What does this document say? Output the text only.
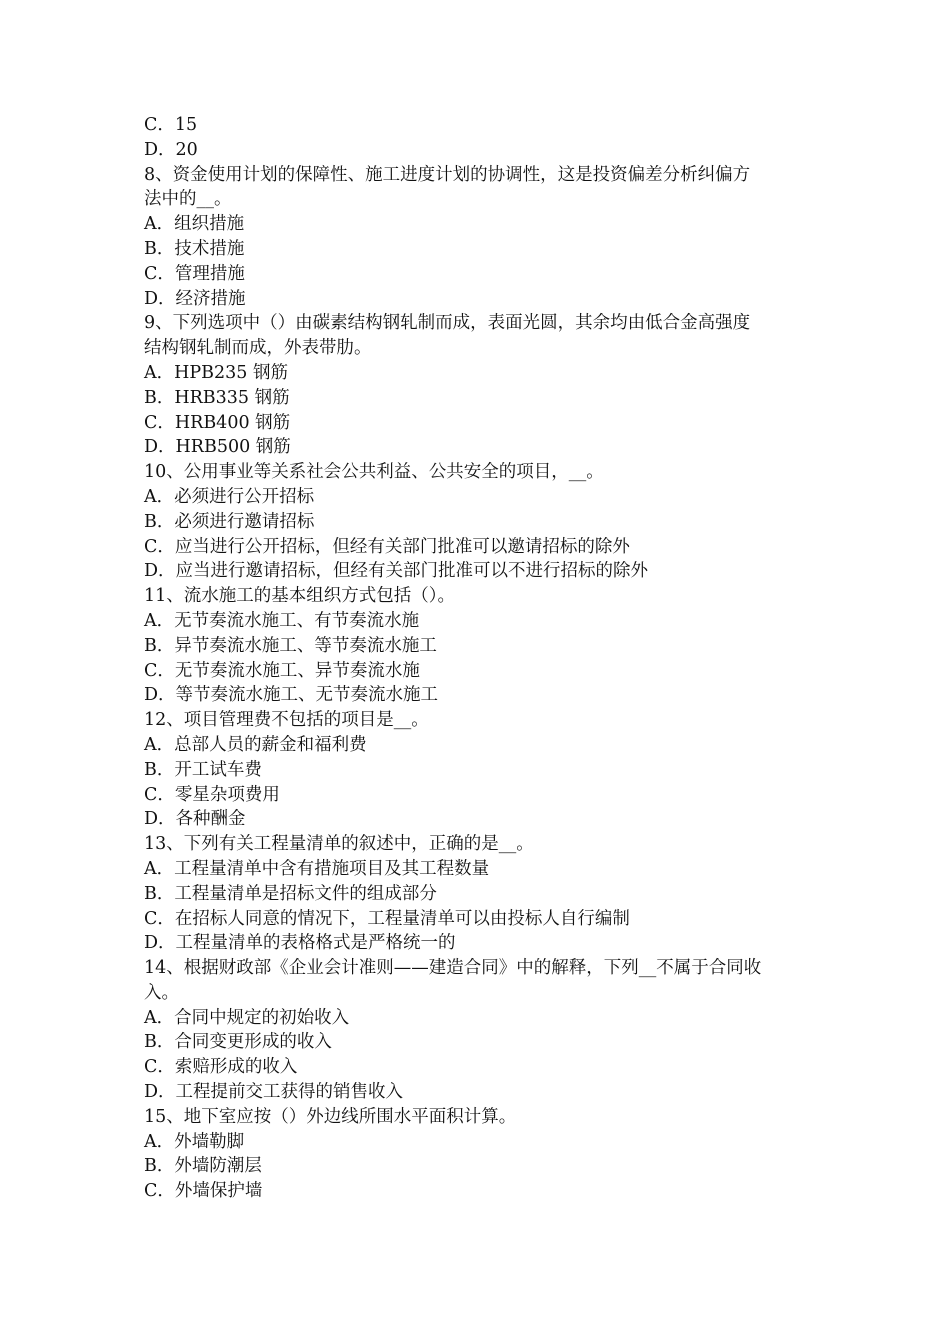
C．15

D．20

8、资金使用计划的保障性、施工进度计划的协调性，这是投资偏差分析纠偏方

法中的__。

A．组织措施

B．技术措施

C．管理措施

D．经济措施

9、下列选项中（）由碳素结构钢轧制而成，表面光圆，其余均由低合金高强度

结构钢轧制而成，外表带肋。

A．HPB235 钢筋

B．HRB335 钢筋

C．HRB400 钢筋

D．HRB500 钢筋

10、公用事业等关系社会公共利益、公共安全的项目，__。

A．必须进行公开招标

B．必须进行邀请招标

C．应当进行公开招标，但经有关部门批准可以邀请招标的除外

D．应当进行邀请招标，但经有关部门批准可以不进行招标的除外

11、流水施工的基本组织方式包括（）。

A．无节奏流水施工、有节奏流水施

B．异节奏流水施工、等节奏流水施工

C．无节奏流水施工、异节奏流水施

D．等节奏流水施工、无节奏流水施工

12、项目管理费不包括的项目是__。

A．总部人员的薪金和福利费

B．开工试车费

C．零星杂项费用

D．各种酬金

13、下列有关工程量清单的叙述中，正确的是__。

A．工程量清单中含有措施项目及其工程数量

B．工程量清单是招标文件的组成部分

C．在招标人同意的情况下，工程量清单可以由投标人自行编制

D．工程量清单的表格格式是严格统一的

14、根据财政部《企业会计准则——建造合同》中的解释，下列__不属于合同收

入。

A．合同中规定的初始收入

B．合同变更形成的收入

C．索赔形成的收入

D．工程提前交工获得的销售收入

15、地下室应按（）外边线所围水平面积计算。

A．外墙勒脚

B．外墙防潮层

C．外墙保护墙
